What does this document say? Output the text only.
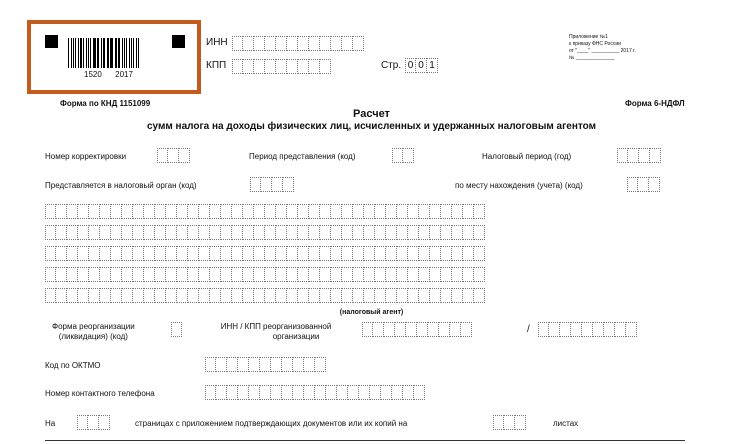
1520      2017
ИНН
КПП	Стр. 0 0 1
Приложение №1
к приказу ФНС России
от "____" __________ 2017 г.
№ ______________
Форма по КНД 1151099	Форма 6-НДФЛ
Расчет
сумм налога на доходы физических лиц, исчисленных и удержанных налоговым агентом
Номер корректировки	Период представления (код)	Налоговый период (год)
Представляется в налоговый орган (код)	по месту нахождения (учета) (код)
(налоговый агент)
Форма реорганизации
(ликвидация) (код)
ИНН / КПП реорганизованной
организации
/
Код по ОКТМО
Номер контактного телефона
На	страницах с приложением подтверждающих документов или их копий на	листах
